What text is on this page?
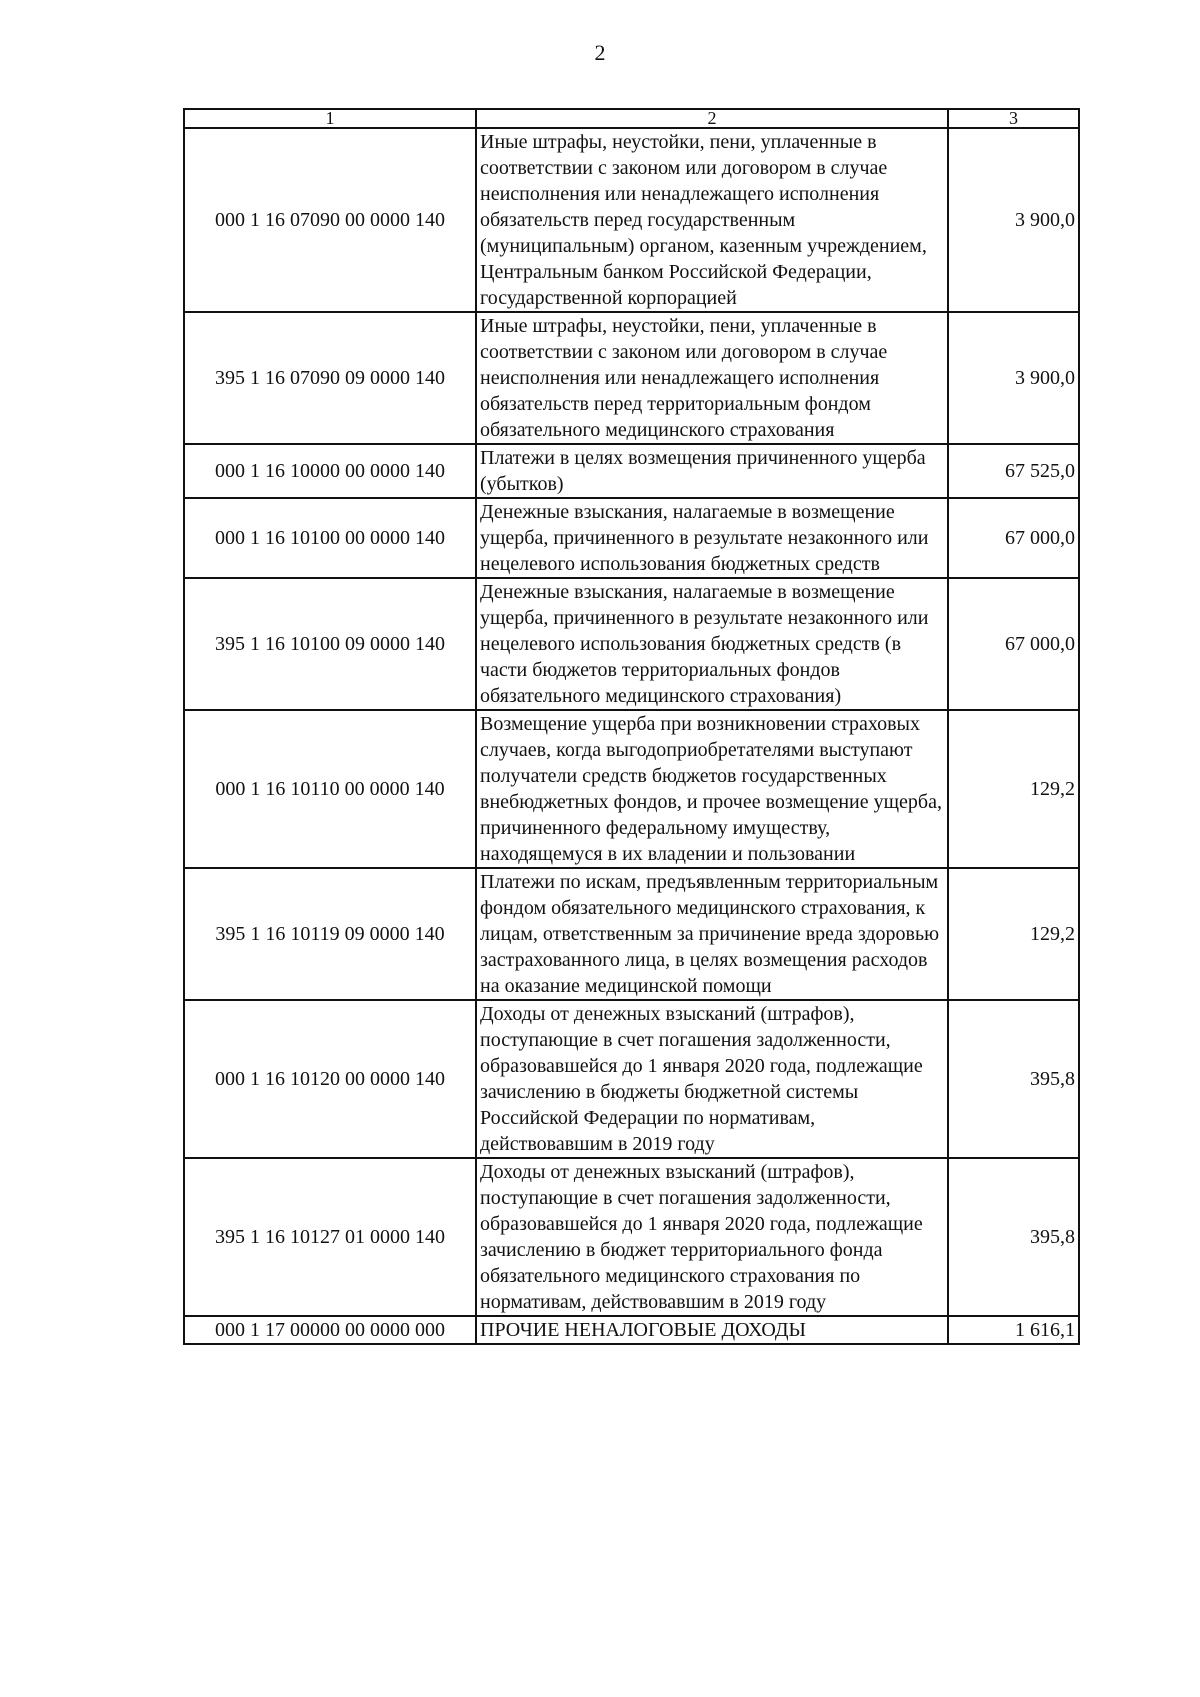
2
1	2	3
000 1 16 07090 00 0000 140	Иные штрафы, неустойки, пени, уплаченные в соответствии с законом или договором в случае неисполнения или ненадлежащего исполнения обязательств перед государственным (муниципальным) органом, казенным учреждением, Центральным банком Российской Федерации, государственной корпорацией	3 900,0
395 1 16 07090 09 0000 140	Иные штрафы, неустойки, пени, уплаченные в соответствии с законом или договором в случае неисполнения или ненадлежащего исполнения обязательств перед территориальным фондом обязательного медицинского страхования	3 900,0
000 1 16 10000 00 0000 140	Платежи в целях возмещения причиненного ущерба (убытков)	67 525,0
000 1 16 10100 00 0000 140	Денежные взыскания, налагаемые в возмещение ущерба, причиненного в результате незаконного или нецелевого использования бюджетных средств	67 000,0
395 1 16 10100 09 0000 140	Денежные взыскания, налагаемые в возмещение ущерба, причиненного в результате незаконного или нецелевого использования бюджетных средств (в части бюджетов территориальных фондов обязательного медицинского страхования)	67 000,0
000 1 16 10110 00 0000 140	Возмещение ущерба при возникновении страховых случаев, когда выгодоприобретателями выступают получатели средств бюджетов государственных внебюджетных фондов, и прочее возмещение ущерба, причиненного федеральному имуществу, находящемуся в их владении и пользовании	129,2
395 1 16 10119 09 0000 140	Платежи по искам, предъявленным территориальным фондом обязательного медицинского страхования, к лицам, ответственным за причинение вреда здоровью застрахованного лица, в целях возмещения расходов на оказание медицинской помощи	129,2
000 1 16 10120 00 0000 140	Доходы от денежных взысканий (штрафов), поступающие в счет погашения задолженности, образовавшейся до 1 января 2020 года, подлежащие зачислению в бюджеты бюджетной системы Российской Федерации по нормативам, действовавшим в 2019 году	395,8
395 1 16 10127 01 0000 140	Доходы от денежных взысканий (штрафов), поступающие в счет погашения задолженности, образовавшейся до 1 января 2020 года, подлежащие зачислению в бюджет территориального фонда обязательного медицинского страхования по нормативам, действовавшим в 2019 году	395,8
000 1 17 00000 00 0000 000	ПРОЧИЕ НЕНАЛОГОВЫЕ ДОХОДЫ	1 616,1
